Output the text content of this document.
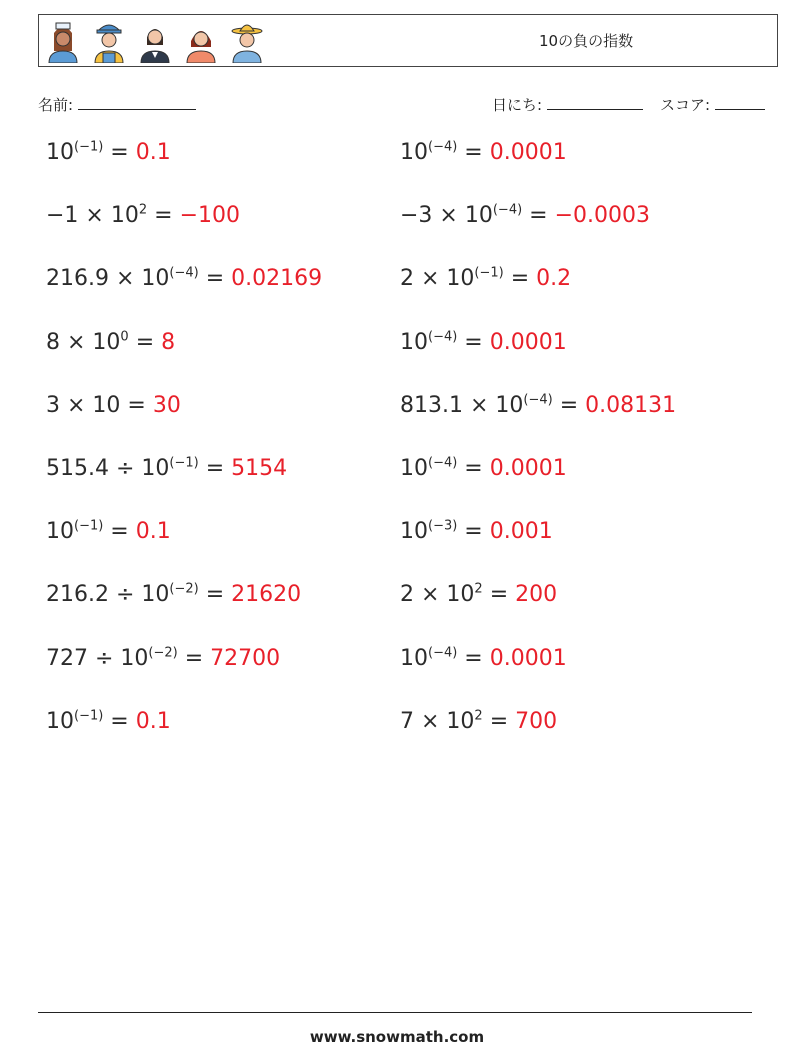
10の負の指数
名前:	日にち:	スコア:
$10^{(-1)} = 0.1$	$10^{(-4)} = 0.0001$
$-1 \times 10^2 = -100$	$-3 \times 10^{(-4)} = -0.0003$
$216.9 \times 10^{(-4)} = 0.02169$	$2 \times 10^{(-1)} = 0.2$
$8 \times 10^0 = 8$	$10^{(-4)} = 0.0001$
3 × 10 = 30	$813.1 \times 10^{(-4)} = 0.08131$
$515.4 \div 10^{(-1)} = 5154$	$10^{(-4)} = 0.0001$
$10^{(-1)} = 0.1$	$10^{(-3)} = 0.001$
$216.2 \div 10^{(-2)} = 21620$	$2 \times 10^2 = 200$
$727 \div 10^{(-2)} = 72700$	$10^{(-4)} = 0.0001$
$10^{(-1)} = 0.1$	$7 \times 10^2 = 700$
www.snowmath.com
